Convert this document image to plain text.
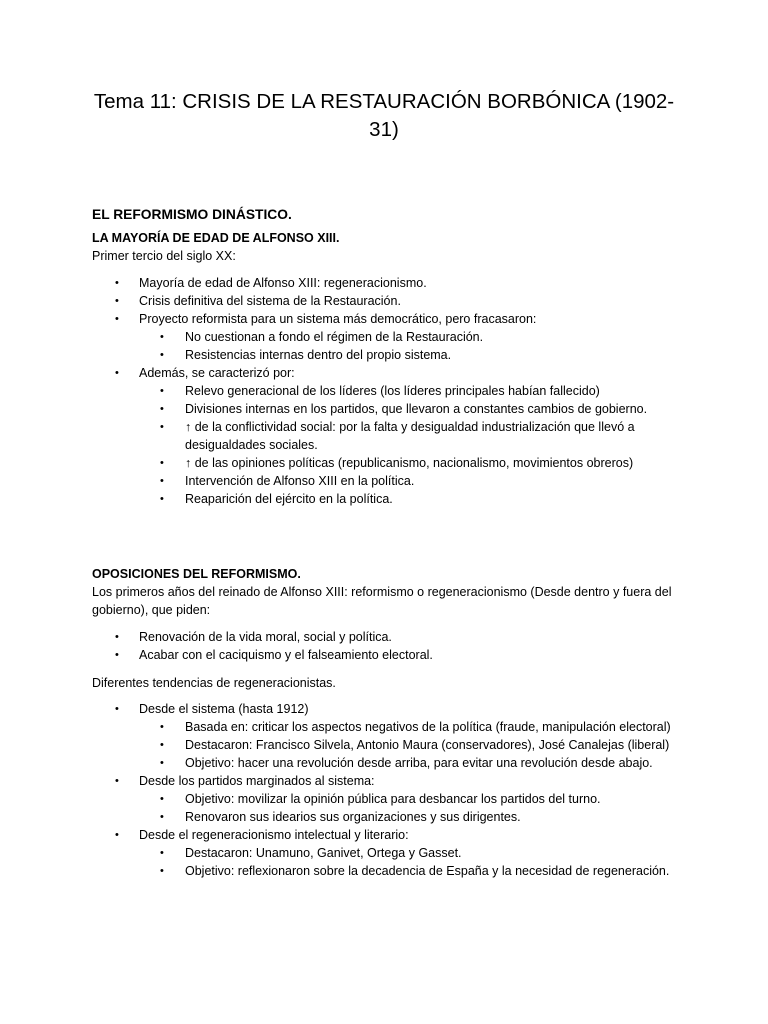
Tema 11: CRISIS DE LA RESTAURACIÓN BORBÓNICA (1902-31)
EL REFORMISMO DINÁSTICO.
LA MAYORÍA DE EDAD DE ALFONSO XIII.
Primer tercio del siglo XX:
• Mayoría de edad de Alfonso XIII: regeneracionismo.
• Crisis definitiva del sistema de la Restauración.
• Proyecto reformista para un sistema más democrático, pero fracasaron:
• No cuestionan a fondo el régimen de la Restauración.
• Resistencias internas dentro del propio sistema.
• Además, se caracterizó por:
• Relevo generacional de los líderes (los líderes principales habían fallecido)
• Divisiones internas en los partidos, que llevaron a constantes cambios de gobierno.
• ↑ de la conflictividad social: por la falta y desigualdad industrialización que llevó a desigualdades sociales.
• ↑ de las opiniones políticas (republicanismo, nacionalismo, movimientos obreros)
• Intervención de Alfonso XIII en la política.
• Reaparición del ejército en la política.
OPOSICIONES DEL REFORMISMO.
Los primeros años del reinado de Alfonso XIII: reformismo o regeneracionismo (Desde dentro y fuera del gobierno), que piden:
• Renovación de la vida moral, social y política.
• Acabar con el caciquismo y el falseamiento electoral.
Diferentes tendencias de regeneracionistas.
• Desde el sistema (hasta 1912)
• Basada en: criticar los aspectos negativos de la política (fraude, manipulación electoral)
• Destacaron: Francisco Silvela, Antonio Maura (conservadores), José Canalejas (liberal)
• Objetivo: hacer una revolución desde arriba, para evitar una revolución desde abajo.
• Desde los partidos marginados al sistema:
• Objetivo: movilizar la opinión pública para desbancar los partidos del turno.
• Renovaron sus idearios sus organizaciones y sus dirigentes.
• Desde el regeneracionismo intelectual y literario:
• Destacaron: Unamuno, Ganivet, Ortega y Gasset.
• Objetivo: reflexionaron sobre la decadencia de España y la necesidad de regeneración.
